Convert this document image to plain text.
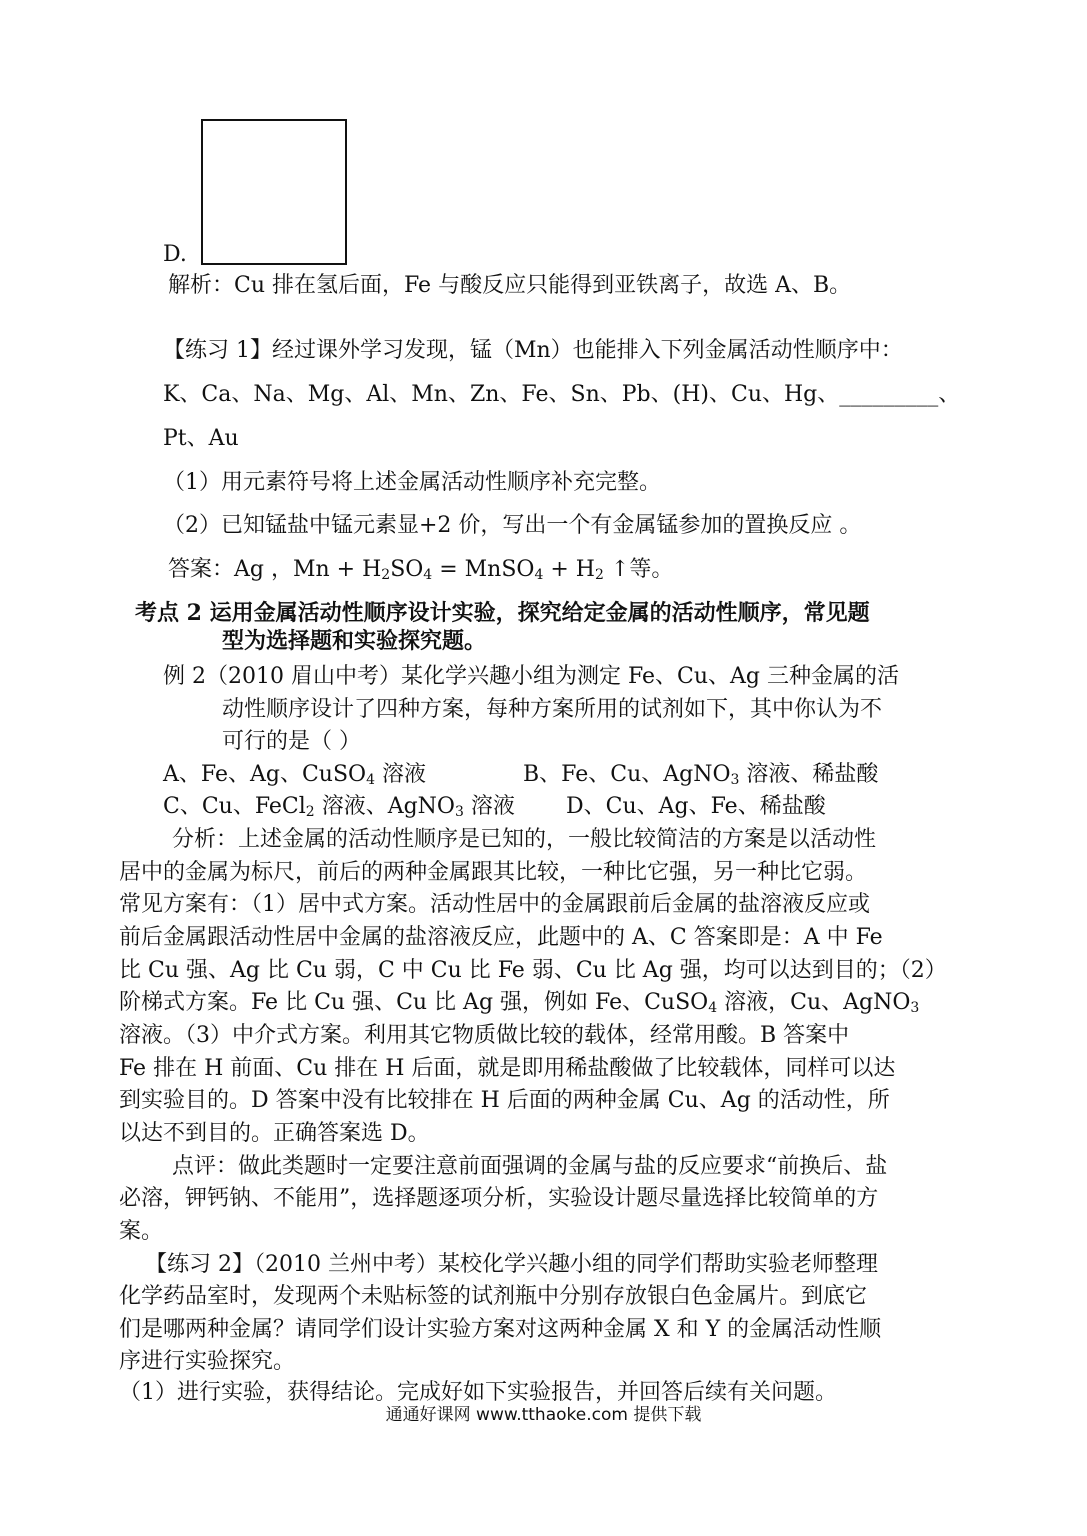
D.
解析：Cu 排在氢后面，Fe 与酸反应只能得到亚铁离子，故选 A、B。
【练习 1】经过课外学习发现，锰（Mn）也能排入下列金属活动性顺序中：
K、Ca、Na、Mg、Al、Mn、Zn、Fe、Sn、Pb、(H)、Cu、Hg、_________、
Pt、Au
（1）用元素符号将上述金属活动性顺序补充完整。
（2）已知锰盐中锰元素显+2 价，写出一个有金属锰参加的置换反应 。
答案：Ag ，$Mn + H_2SO_4$ = MnSO$_4$ + $H_2$ ↑等。
考点 2 运用金属活动性顺序设计实验，探究给定金属的活动性顺序，常见题
型为选择题和实验探究题。
例 2（2010 眉山中考）某化学兴趣小组为测定 Fe、Cu、Ag 三种金属的活
动性顺序设计了四种方案，每种方案所用的试剂如下，其中你认为不
可行的是（ ）
A、Fe、Ag、CuSO$_4$ 溶液	B、Fe、Cu、AgNO$_3$ 溶液、稀盐酸
C、Cu、FeCl$_2$ 溶液、AgNO$_3$ 溶液 D、Cu、Ag、Fe、稀盐酸
分析：上述金属的活动性顺序是已知的，一般比较简洁的方案是以活动性
居中的金属为标尺，前后的两种金属跟其比较，一种比它强，另一种比它弱。
常见方案有：（1）居中式方案。活动性居中的金属跟前后金属的盐溶液反应或
前后金属跟活动性居中金属的盐溶液反应，此题中的 A、C 答案即是：A 中 Fe
比 Cu 强、Ag 比 Cu 弱，C 中 Cu 比 Fe 弱、Cu 比 Ag 强，均可以达到目的；（2）
阶梯式方案。Fe 比 Cu 强、Cu 比 Ag 强，例如 Fe、CuSO$_4$ 溶液，Cu、AgNO$_3$
溶液。（3）中介式方案。利用其它物质做比较的载体，经常用酸。B 答案中
Fe 排在 H 前面、Cu 排在 H 后面，就是即用稀盐酸做了比较载体，同样可以达
到实验目的。D 答案中没有比较排在 H 后面的两种金属 Cu、Ag 的活动性，所
以达不到目的。正确答案选 D。
点评：做此类题时一定要注意前面强调的金属与盐的反应要求“前换后、盐
必溶，钾钙钠、不能用”，选择题逐项分析，实验设计题尽量选择比较简单的方
案。
【练习 2】（2010 兰州中考）某校化学兴趣小组的同学们帮助实验老师整理
化学药品室时，发现两个未贴标签的试剂瓶中分别存放银白色金属片。到底它
们是哪两种金属？请同学们设计实验方案对这两种金属 X 和 Y 的金属活动性顺
序进行实验探究。
（1）进行实验，获得结论。完成好如下实验报告，并回答后续有关问题。
通通好课网 www.tthaoke.com 提供下载
